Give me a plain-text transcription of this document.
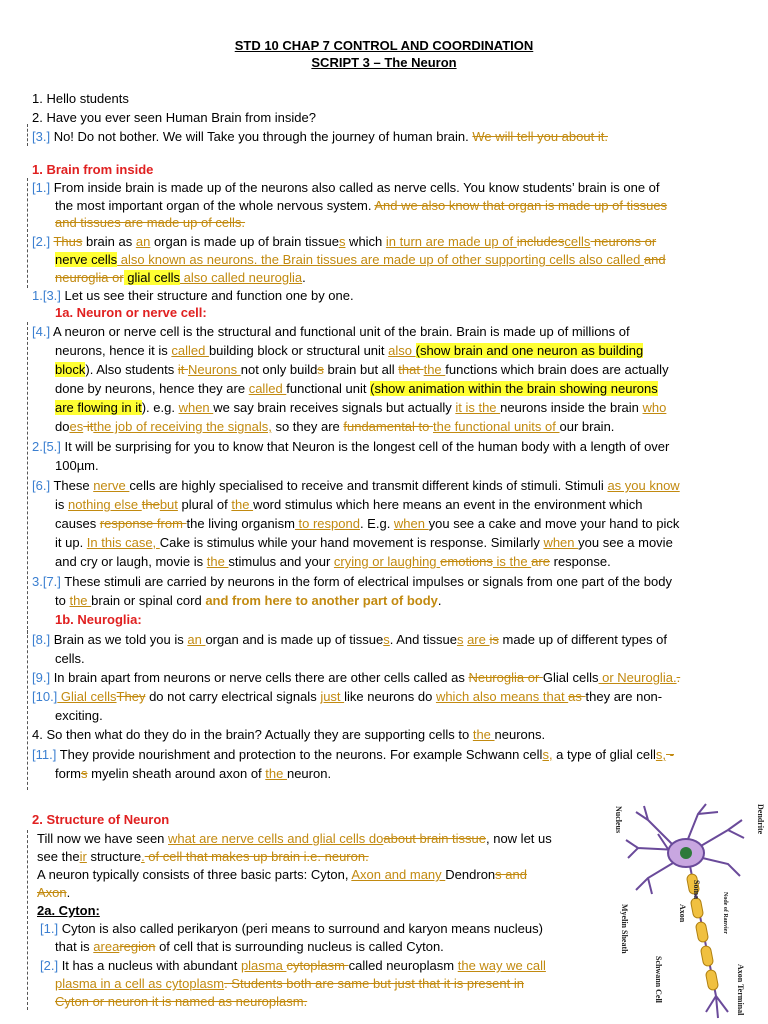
STD 10 CHAP 7 CONTROL AND COORDINATION
SCRIPT 3 – The Neuron
1. Hello students
2. Have you ever seen Human Brain from inside?
[3.] No! Do not bother. We will Take you through the journey of human brain. We will tell you about it.
1. Brain from inside
[1.] From inside brain is made up of the neurons also called as nerve cells. You know students’ brain is one of
the most important organ of the whole nervous system. And we also know that organ is made up of tissues
and tissues are made up of cells.
[2.] Thus brain as an organ is made up of brain tissues which in turn are made up of includescells neurons or
nerve cells also known as neurons. the Brain tissues are made up of other supporting cells also called and
neuroglia or glial cells also called neuroglia.
1.[3.] Let us see their structure and function one by one.
1a. Neuron or nerve cell:
[4.] A neuron or nerve cell is the structural and functional unit of the brain. Brain is made up of millions of
neurons, hence it is called building block or structural unit also (show brain and one neuron as building
block). Also students it Neurons not only builds brain but all that the functions which brain does are actually
done by neurons, hence they are called functional unit (show animation within the brain showing neurons
are flowing in it). e.g. when we say brain receives signals but actually it is the neurons inside the brain who
does itthe job of receiving the signals, so they are fundamental to the functional units of our brain.
2.[5.] It will be surprising for you to know that Neuron is the longest cell of the human body with a length of over
100µm.
[6.] These nerve cells are highly specialised to receive and transmit different kinds of stimuli. Stimuli as you know
is nothing else thebut plural of the word stimulus which here means an event in the environment which
causes response from the living organism to respond. E.g. when you see a cake and move your hand to pick
it up. In this case, Cake is stimulus while your hand movement is response. Similarly when you see a movie
and cry or laugh, movie is the stimulus and your crying or laughing emotions is the are response.
3.[7.] These stimuli are carried by neurons in the form of electrical impulses or signals from one part of the body
to the brain or spinal cord and from here to another part of body.
1b. Neuroglia:
[8.] Brain as we told you is an organ and is made up of tissues. And tissues are is made up of different types of
cells.
[9.] In brain apart from neurons or nerve cells there are other cells called as Neuroglia or Glial cells or Neuroglia..
[10.] Glial cellsThey do not carry electrical signals just like neurons do which also means that as they are non-
exciting.
4. So then what do they do in the brain? Actually they are supporting cells to the neurons.
[11.] They provide nourishment and protection to the neurons. For example Schwann cells, a type of glial cells, -
forms myelin sheath around axon of the neuron.
2. Structure of Neuron
Till now we have seen what are nerve cells and glial cells doabout brain tissue, now let us
see their structure. of cell that makes up brain i.e. neuron.
A neuron typically consists of three basic parts: Cyton, Axon and many Dendrons and
Axon.
2a. Cyton:
[1.] Cyton is also called perikaryon (peri means to surround and karyon means nucleus)
that is arearegion of cell that is surrounding nucleus is called Cyton.
[2.] It has a nucleus with abundant plasma cytoplasm called neuroplasm the way we call
plasma in a cell as cytoplasm. Students both are same but just that it is present in
Cyton or neuron it is named as neuroplasm.
Nucleus	Dendrite
Soma
Axon	Node of Ranvier
Myelin Sheath
Schwann Cell	Axon Terminal
